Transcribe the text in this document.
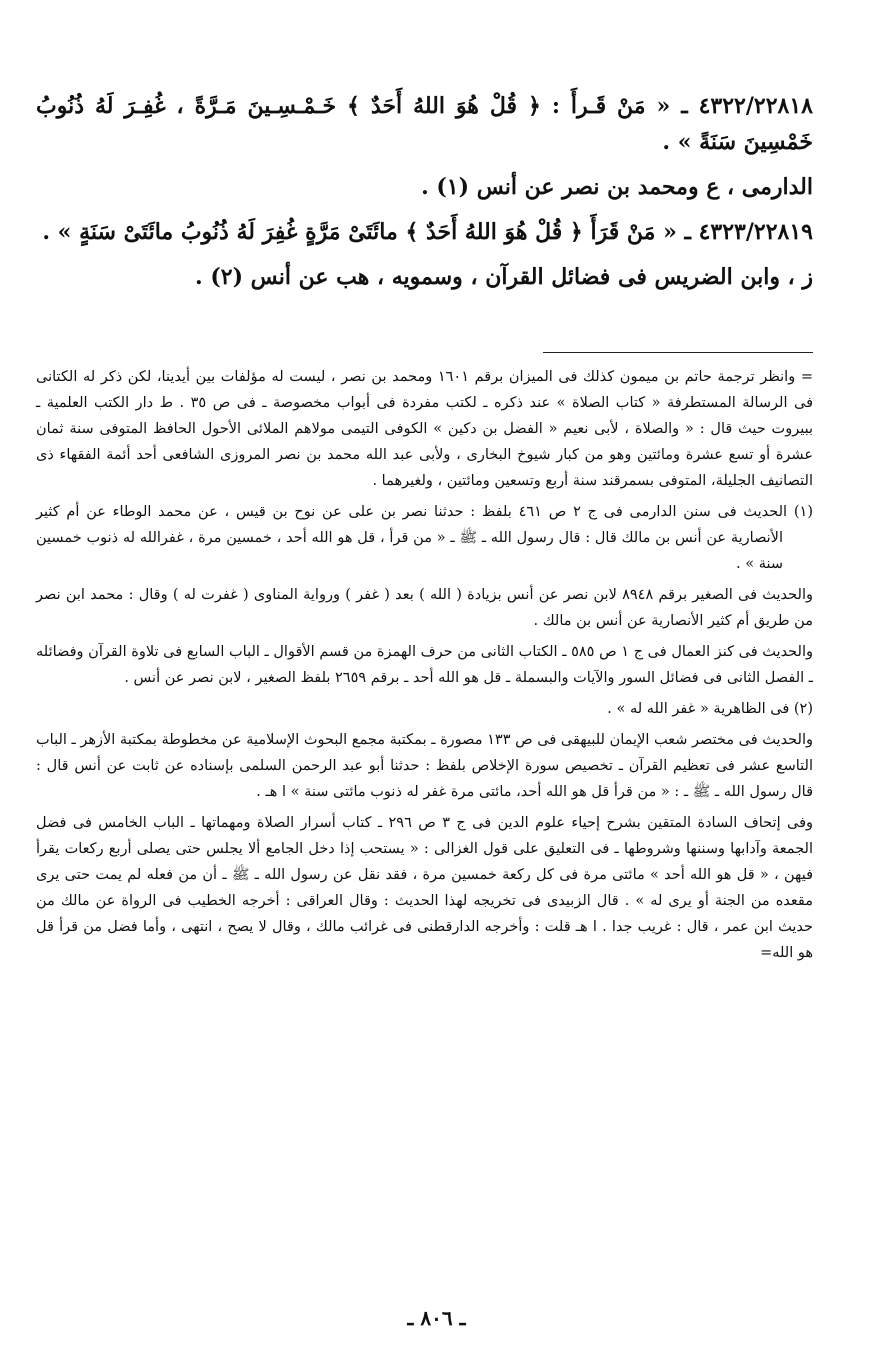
٤٣٢٢/٢٢٨١٨ ـ « مَنْ قَـرأَ : ﴿ قُلْ هُوَ اللهُ أَحَدٌ ﴾ خَـمْـسِـينَ مَـرَّةً ، غُفِـرَ لَهُ ذُنُوبُ خَمْسِينَ سَنَةً » .

الدارمى ، ع ومحمد بن نصر عن أنس (١) .

٤٣٢٣/٢٢٨١٩ ـ « مَنْ قَرَأَ ﴿ قُلْ هُوَ اللهُ أَحَدٌ ﴾ مائَتَىْ مَرَّةٍ غُفِرَ لَهُ ذُنُوبُ مائَتَىْ سَنَةٍ » .

ز ، وابن الضريس فى فضائل القرآن ، وسمويه ، هب عن أنس (٢) .

= وانظر ترجمة حاتم بن ميمون كذلك فى الميزان برقم ١٦٠١ ومحمد بن نصر ، ليست له مؤلفات بين أيدينا، لكن ذكر له الكتانى فى الرسالة المستطرفة « كتاب الصلاة » عند ذكره ـ لكتب مفردة فى أبواب مخصوصة ـ فى ص ٣٥ . ط دار الكتب العلمية ـ ببيروت حيث قال : « والصلاة ، لأبى نعيم « الفضل بن دكين » الكوفى التيمى مولاهم الملائى الأحول الحافظ المتوفى سنة ثمان عشرة أو تسع عشرة ومائتين وهو من كبار شيوخ البخارى ، ولأبى عبد الله محمد بن نصر المروزى الشافعى أحد أئمة الفقهاء ذى التصانيف الجليلة، المتوفى بسمرقند سنة أربع وتسعين ومائتين ، ولغيرهما .

(١) الحديث فى سنن الدارمى فى ج ٢ ص ٤٦١ بلفظ : حدثنا نصر بن على عن نوح بن قيس ، عن محمد الوطاء عن أم كثير الأنصارية عن أنس بن مالك قال : قال رسول الله ـ ﷺ ـ « من قرأ ، قل هو الله أحد ، خمسين مرة ، غفرالله له ذنوب خمسين سنة » .

والحديث فى الصغير برقم ٨٩٤٨ لابن نصر عن أنس بزيادة ( الله ) بعد ( غفر ) ورواية المناوى ( غفرت له ) وقال : محمد ابن نصر من طريق أم كثير الأنصارية عن أنس بن مالك .

والحديث فى كنز العمال فى ج ١ ص ٥٨٥ ـ الكتاب الثانى من حرف الهمزة من قسم الأقوال ـ الباب السابع فى تلاوة القرآن وفضائله ـ الفصل الثانى فى فضائل السور والآيات والبسملة ـ قل هو الله أحد ـ برقم ٢٦٥٩ بلفظ الصغير ، لابن نصر عن أنس .

(٢) فى الظاهرية « غفر الله له » .

والحديث فى مختصر شعب الإيمان للبيهقى فى ص ١٣٣ مصورة ـ بمكتبة مجمع البحوث الإسلامية عن مخطوطة بمكتبة الأزهر ـ الباب التاسع عشر فى تعظيم القرآن ـ تخصيص سورة الإخلاص بلفظ : حدثنا أبو عبد الرحمن السلمى بإسناده عن ثابت عن أنس قال : قال رسول الله ـ ﷺ ـ : « من قرأ قل هو الله أحد، مائتى مرة غفر له ذنوب مائتى سنة » ا هـ .

وفى إتحاف السادة المتقين بشرح إحياء علوم الدين فى ج ٣ ص ٢٩٦ ـ كتاب أسرار الصلاة ومهماتها ـ الباب الخامس فى فضل الجمعة وآدابها وسننها وشروطها ـ فى التعليق على قول الغزالى : « يستحب إذا دخل الجامع ألا يجلس حتى يصلى أربع ركعات يقرأ فيهن ، « قل هو الله أحد » مائتى مرة فى كل ركعة خمسين مرة ، فقد نقل عن رسول الله ـ ﷺ ـ أن من فعله لم يمت حتى يرى مقعده من الجنة أو يرى له » . قال الزبيدى فى تخريجه لهذا الحديث : وقال العراقى : أخرجه الخطيب فى الرواة عن مالك من حديث ابن عمر ، قال : غريب جدا . ا هـ قلت : وأخرجه الدارقطنى فى غرائب مالك ، وقال لا يصح ، انتهى ، وأما فضل من قرأ قل هو الله=

ـ ٨٠٦ ـ
